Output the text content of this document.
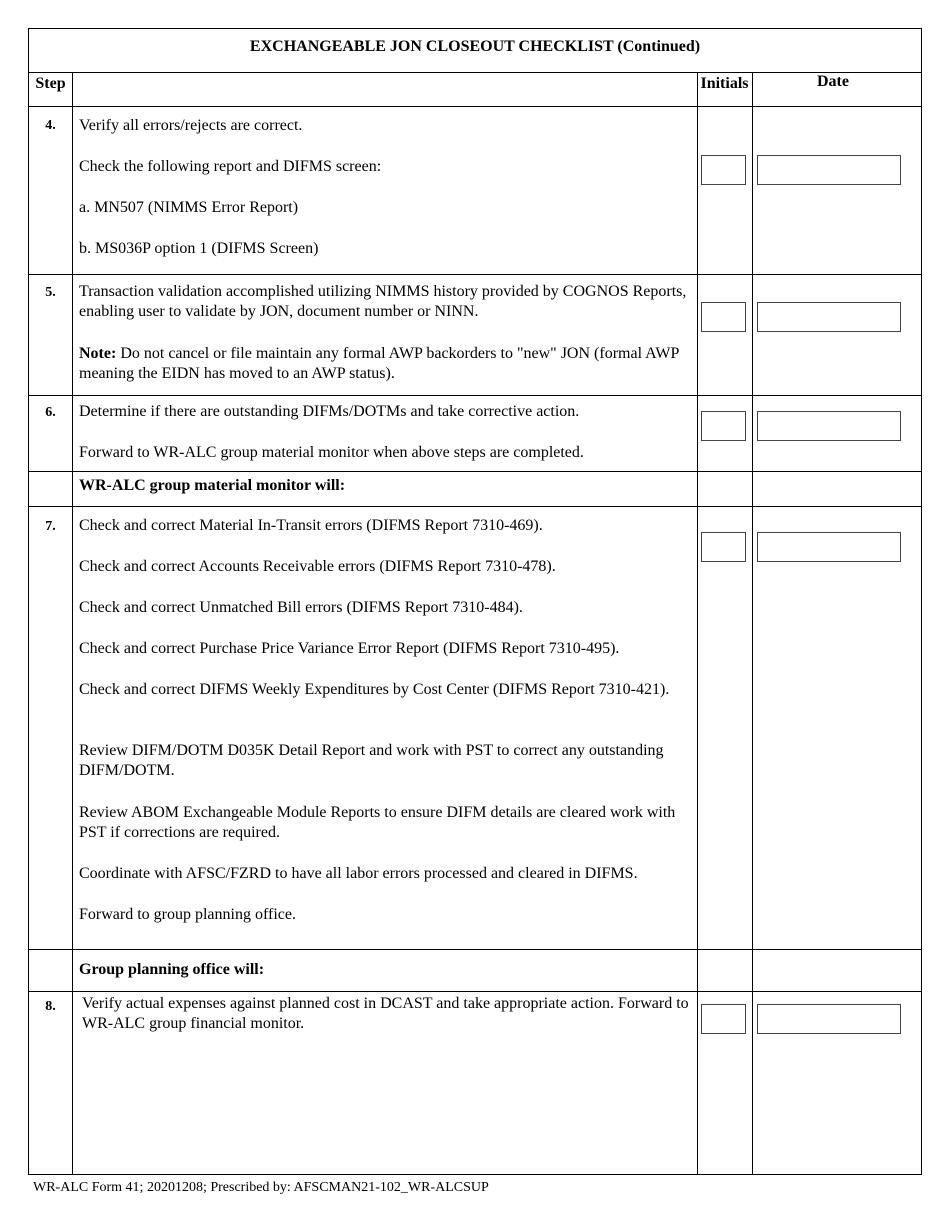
EXCHANGEABLE JON CLOSEOUT CHECKLIST (Continued)
Step	Initials	Date
4.	Verify all errors/rejects are correct.
Check the following report and DIFMS screen:
a. MN507 (NIMMS Error Report)
b. MS036P option 1 (DIFMS Screen)
5.	Transaction validation accomplished utilizing NIMMS history provided by COGNOS Reports, enabling user to validate by JON, document number or NINN.
Note: Do not cancel or file maintain any formal AWP backorders to "new" JON (formal AWP meaning the EIDN has moved to an AWP status).
6.	Determine if there are outstanding DIFMs/DOTMs and take corrective action.
Forward to WR-ALC group material monitor when above steps are completed.
WR-ALC group material monitor will:
7.	Check and correct Material In-Transit errors (DIFMS Report 7310-469).
Check and correct Accounts Receivable errors (DIFMS Report 7310-478).
Check and correct Unmatched Bill errors (DIFMS Report 7310-484).
Check and correct Purchase Price Variance Error Report (DIFMS Report 7310-495).
Check and correct DIFMS Weekly Expenditures by Cost Center (DIFMS Report 7310-421).
Review DIFM/DOTM D035K Detail Report and work with PST to correct any outstanding DIFM/DOTM.
Review ABOM Exchangeable Module Reports to ensure DIFM details are cleared work with PST if corrections are required.
Coordinate with AFSC/FZRD to have all labor errors processed and cleared in DIFMS.
Forward to group planning office.
Group planning office will:
8.	Verify actual expenses against planned cost in DCAST and take appropriate action. Forward to WR-ALC group financial monitor.
WR-ALC Form 41; 20201208; Prescribed by: AFSCMAN21-102_WR-ALCSUP
